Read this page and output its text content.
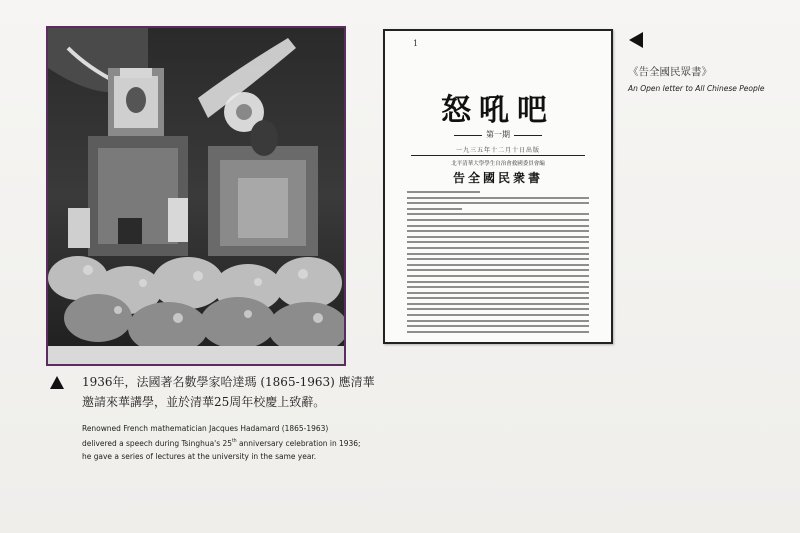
1
怒吼吧
第一期
一九三五年十二月十日出版
北平清華大學學生自治會救國委員會編
告全國民衆書
《告全國民眾書》
An Open letter to All Chinese People
1936年，法國著名數學家哈達瑪 (1865-1963) 應清華
邀請來華講學，並於清華25周年校慶上致辭。
Renowned French mathematician Jacques Hadamard (1865-1963)
delivered a speech during Tsinghua's 25th anniversary celebration in 1936;
he gave a series of lectures at the university in the same year.
